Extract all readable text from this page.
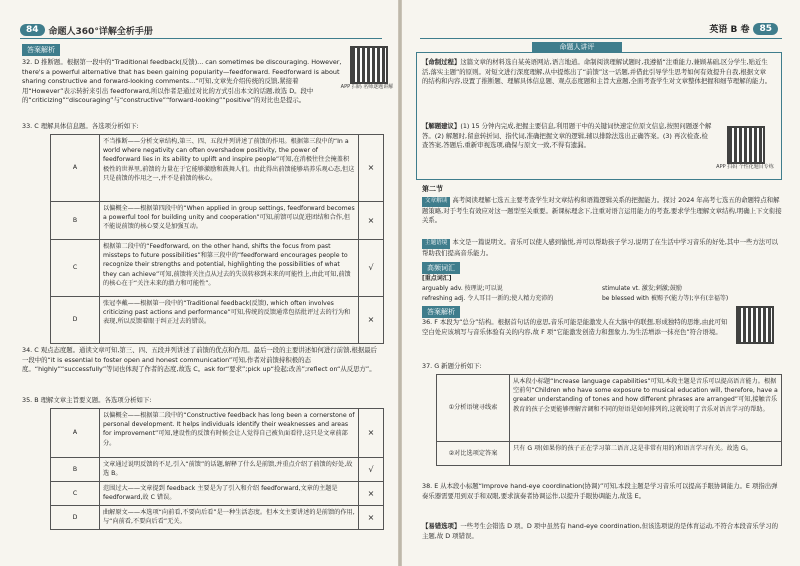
84	命题人360°详解全析手册
答案解析
APP 扫码 名师逐题讲解
32. D 推断题。根据第一段中的“Traditional feedback(反馈)... can sometimes be discouraging. However, there's a powerful alternative that has been gaining popularity—feedforward. Feedforward is about sharing constructive and forward-looking comments...”可知,文章先介绍传统的反馈,紧接着用“However”表示转折来引出 feedforward,所以作者是通过对比的方式引出本文的话题,故选 D。段中的“criticizing”“discouraging”与“constructive”“forward-looking”“positive”的对比也是提示。
33. C 理解具体信息题。各选项分析如下:
A	不当推断——分析文章结构,第三、四、五段并列讲述了前馈的作用。根据第三段中的“In a world where negativity can often overshadow positivity, the power of feedforward lies in its ability to uplift and inspire people”可知,在消极往往会掩盖积极性的世界里,前馈的力量在于它能够激励和鼓舞人们。由此得出前馈能够培养乐观心态,但这只是前馈的作用之一,并不是前馈的核心。	×
B	以偏概全——根据第四段中的“When applied in group settings, feedforward becomes a powerful tool for building unity and cooperation”可知,前馈可以促进团结和合作,但不能说前馈的核心要义是加强互动。	×
C	根据第二段中的“Feedforward, on the other hand, shifts the focus from past missteps to future possibilities”和第三段中的“feedforward encourages people to recognize their strengths and potential, highlighting the possibilities of what they can achieve”可知,前馈将关注点从过去的失误转移到未来的可能性上,由此可知,前馈的核心在于“关注未来的潜力和可能性”。	√
D	张冠李戴——根据第一段中的“Traditional feedback(反馈), which often involves criticizing past actions and performance”可知,传统的反馈通常包括批评过去的行为和表现,所以反馈着眼于纠正过去的错误。	×
34. C 观点态度题。通读文章可知,第三、四、五段并列讲述了前馈的优点和作用。最后一段的主要讲述如何进行前馈,根据最后一段中的“it is essential to foster open and honest communication”可知,作者对前馈持积极的态度。“highly”“successfully”等词也体现了作者的态度,故选 C。ask for“要求”;pick up“捡起;改善”;reflect on“从反思方”。
35. B 理解文章主旨要义题。各选项分析如下:
A	以偏概全——根据第二段中的“Constructive feedback has long been a cornerstone of personal development. It helps individuals identify their weaknesses and areas for improvement”可知,建设性的反馈有时候会让人觉得自己被负面看待,这只是文章前部分。	×
B	文章通过说明反馈的不足,引入“前馈”的话题,解释了什么是前馈,并重点介绍了前馈的好处,故选 B。	√
C	范围过大——文章提到 feedback 主要是为了引入和介绍 feedforward,文章的主题是 feedforward,故 C 错误。	×
D	曲解原文——本选项“向前看,不要向后看”是一种生活态度。但本文主要讲述的是前馈的作用,与“向前看,不要向后看”无关。	×
英语 B 卷	85
命题人讲评
【命制过程】这篇文章的材料选自某英语网站,语言地道。命制阅读理解试题时,我遵循“注重能力,兼顾基础,区分学生,贴近生活,落实主题”的原则。对短文进行深度理解,从中提炼出了“前馈”这一话题,并借此引导学生思考如何有效提升自我,根据文章的结构和内容,设置了推断题、理解具体信息题、观点态度题和主旨大意题,全面考查学生对文章整体把握和细节理解的能力。
【解题建议】(1) 15 分钟内完成,把握主要信息,利用题干中的关键词快速定位原文信息,按照问题逐个解答。(2) 解题时,留意转折词、指代词,准确把握文章的逻辑,辅以排除法选出正确答案。(3) 再次检查,检查答案,答题后,重新审视选项,确保与原文一致,不得有遗漏。
APP 扫码 个性化题目专练
第二节
文章解读 高考阅读理解七选五主要考查学生对文章结构和语篇逻辑关系的把握能力。探讨 2024 年高考七选五的命题特点和解题策略,对于考生有效应对这一题型至关重要。新课标理念下,注重对语言运用能力的考查,要求学生理解文章结构,明确上下文衔接关系。
主题语境 本文是一篇说明文。音乐可以使人感到愉悦,并可以帮助孩子学习,说明了在生活中学习音乐的好处,其中一些方法可以帮助我们提高音乐能力。
高频词汇
[重点词汇]
arguably adv. 按理说;可以说	stimulate vt. 激发;刺激;鼓励
refreshing adj. 令人耳目一新的;使人精力充沛的	be blessed with 被赐予(能力等);享有(幸福等)
答案解析
36. F 本段为“总分”结构。根据首句话的意思,音乐可能是能激发人在大脑中的联想,形成独特的思维,由此可知空白处应该填写与音乐体验有关的内容,故 F 项“它能激发创造力和想象力,为生活增添一抹亮色”符合语境。
37. G 新题分析如下:
①分析语境寻线索	从本段小标题“Increase language capabilities”可知,本段主题是音乐可以提高语言能力。根据空前句“Children who have some exposure to musical education will, therefore, have a greater understanding of tones and how different phrases are arranged”可知,接触音乐教育的孩子会更能够理解音调和不同的短语是如何排列的,这就说明了音乐对语言学习的帮助。

②对比选项定答案	只有 G 项(如果你的孩子正在学习第二语言,这是非常有用的)和语言学习有关。故选 G。
38. E 从本段小标题“Improve hand-eye coordination(协调)”可知,本段主题是学习音乐可以提高手眼协调能力。E 项指出弹奏乐器需要用到双手和双眼,要求演奏者协调运作,以提升手眼协调能力,故选 E。
【易错选项】一些考生会错选 D 项。D 项中虽然有 hand-eye coordination,但该选项说的是体育运动,不符合本段音乐学习的主题,故 D 项错误。
